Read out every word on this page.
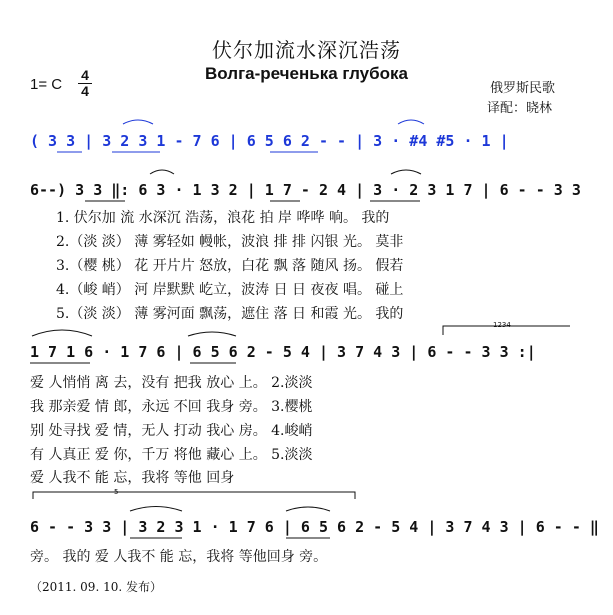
伏尔加流水深沉浩荡
Волга-реченька глубока
1= C
4
4	俄罗斯民歌
译配：晓林
( 3 3 | 3 2 3 1 - 7 6 | 6 5 6 2 - - | 3 · #4 #5 · 1 |
6--) 3 3 ‖: 6 3 · 1 3 2 | 1 7 - 2 4 | 3 · 2 3 1 7 | 6 - - 3 3
1. 伏尔加 流 水深沉 浩荡，浪花 拍 岸 哗哗 响。 我的
2.（淡 淡） 薄 雾轻如 幔帐，波浪 排 排 闪银 光。 莫非
3.（樱 桃） 花 开片片 怒放，白花 飘 落 随风 扬。 假若
4.（峻 峭） 河 岸默默 屹立，波涛 日 日 夜夜 唱。 碰上
5.（淡 淡） 薄 雾河面 飘荡，遮住 落 日 和霞 光。 我的
1234
1 7 1 6 · 1 7 6 | 6 5 6 2 - 5 4 | 3 7 4 3 | 6 - - 3 3 :|
爱 人悄悄 离 去，没有 把我 放心 上。 2.淡淡
我 那亲爱 情 郎，永远 不回 我身 旁。 3.樱桃
别 处寻找 爱 情，无人 打动 我心 房。 4.峻峭
有 人真正 爱 你，千万 将他 藏心 上。 5.淡淡
爱 人我不 能 忘，我将 等他 回身
5
6 - - 3 3 | 3 2 3 1 · 1 7 6 | 6 5 6 2 - 5 4 | 3 7 4 3 | 6 - - ‖
旁。 我的 爱 人我不 能 忘，我将 等他回身 旁。
（2011. 09. 10. 发布）
